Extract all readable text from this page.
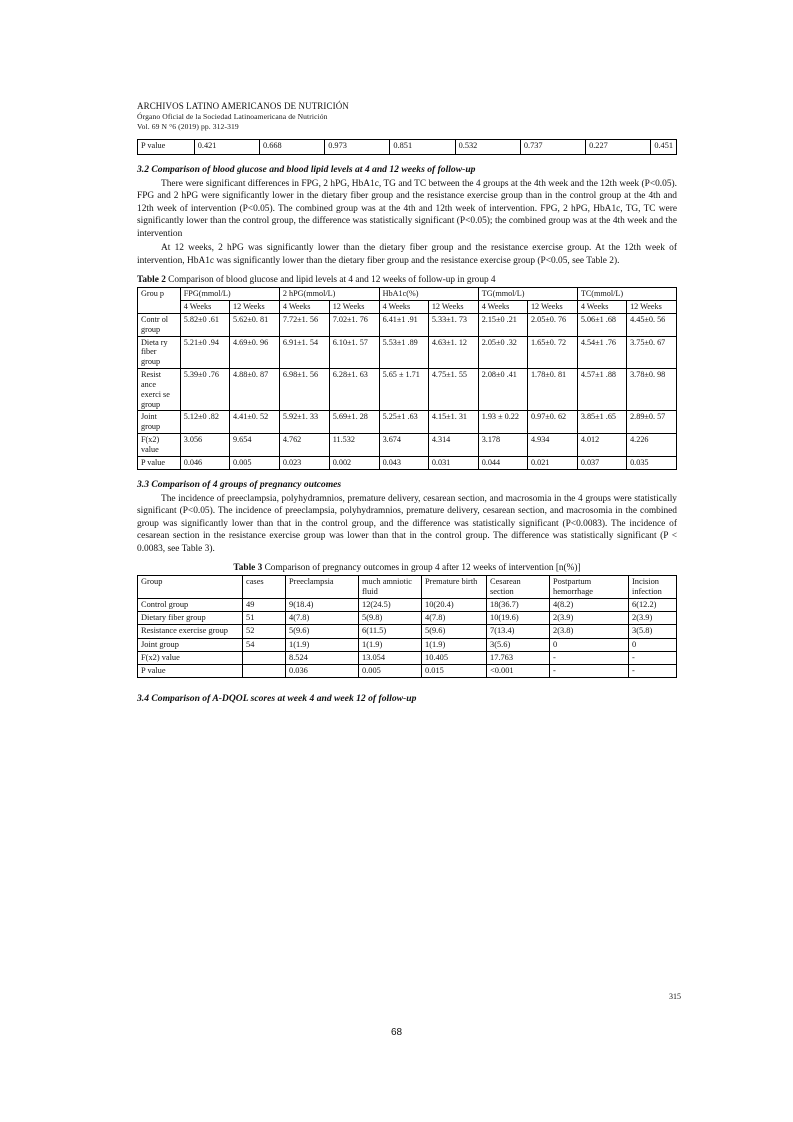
ARCHIVOS LATINO AMERICANOS DE NUTRICIÓN
Órgano Oficial de la Sociedad Latinoamericana de Nutrición
Vol. 69 N °6 (2019) pp. 312-319
P value	0.421	0.668	0.973	0.851	0.532	0.737	0.227	0.451
3.2 Comparison of blood glucose and blood lipid levels at 4 and 12 weeks of follow-up

There were significant differences in FPG, 2 hPG, HbA1c, TG and TC between the 4 groups at the 4th week and the 12th week (P<0.05). FPG and 2 hPG were significantly lower in the dietary fiber group and the resistance exercise group than in the control group at the 4th and 12th week of intervention (P<0.05). The combined group was at the 4th and 12th week of intervention. FPG, 2 hPG, HbA1c, TG, TC were significantly lower than the control group, the difference was statistically significant (P<0.05); the combined group was at the 4th week and the intervention

At 12 weeks, 2 hPG was significantly lower than the dietary fiber group and the resistance exercise group. At the 12th week of intervention, HbA1c was significantly lower than the dietary fiber group and the resistance exercise group (P<0.05, see Table 2).

Table 2 Comparison of blood glucose and lipid levels at 4 and 12 weeks of follow-up in group 4
Grou p	FPG(mmol/L)		2 hPG(mmol/L)		HbA1c(%)		TG(mmol/L)		TC(mmol/L)	
	4 Weeks	12 Weeks	4 Weeks	12 Weeks	4 Weeks	12 Weeks	4 Weeks	12 Weeks	4 Weeks	12 Weeks
Contr ol group	5.82±0 .61	5.62±0. 81	7.72±1. 56	7.02±1. 76	6.41±1 .91	5.33±1. 73	2.15±0 .21	2.05±0. 76	5.06±1 .68	4.45±0. 56
Dieta ry fiber group	5.21±0 .94	4.69±0. 96	6.91±1. 54	6.10±1. 57	5.53±1 .89	4.63±1. 12	2.05±0 .32	1.65±0. 72	4.54±1 .76	3.75±0. 67
Resist ance exerci se group	5.39±0 .76	4.88±0. 87	6.98±1. 56	6.28±1. 63	5.65 ± 1.71	4.75±1. 55	2.08±0 .41	1.78±0. 81	4.57±1 .88	3.78±0. 98
Joint group	5.12±0 .82	4.41±0. 52	5.92±1. 33	5.69±1. 28	5.25±1 .63	4.15±1. 31	1.93 ± 0.22	0.97±0. 62	3.85±1 .65	2.89±0. 57
F(x2) value	3.056	9.654	4.762	11.532	3.674	4.314	3.178	4.934	4.012	4.226
P value	0.046	0.005	0.023	0.002	0.043	0.031	0.044	0.021	0.037	0.035
3.3 Comparison of 4 groups of pregnancy outcomes

The incidence of preeclampsia, polyhydramnios, premature delivery, cesarean section, and macrosomia in the 4 groups were statistically significant (P<0.05). The incidence of preeclampsia, polyhydramnios, premature delivery, cesarean section, and macrosomia in the combined group was significantly lower than that in the control group, and the difference was statistically significant (P<0.0083). The incidence of cesarean section in the resistance exercise group was lower than that in the control group. The difference was statistically significant (P < 0.0083, see Table 3).

Table 3 Comparison of pregnancy outcomes in group 4 after 12 weeks of intervention [n(%)]
Group	cases	Preeclampsia	much amniotic fluid	Premature birth	Cesarean section	Postpartum hemorrhage	Incision infection
Control group	49	9(18.4)	12(24.5)	10(20.4)	18(36.7)	4(8.2)	6(12.2)
Dietary fiber group	51	4(7.8)	5(9.8)	4(7.8)	10(19.6)	2(3.9)	2(3.9)
Resistance exercise group	52	5(9.6)	6(11.5)	5(9.6)	7(13.4)	2(3.8)	3(5.8)
Joint group	54	1(1.9)	1(1.9)	1(1.9)	3(5.6)	0	0
F(x2) value		8.524	13.054	10.405	17.763	-	-
P value		0.036	0.005	0.015	<0.001	-	-
3.4 Comparison of A-DQOL scores at week 4 and week 12 of follow-up
315
68
